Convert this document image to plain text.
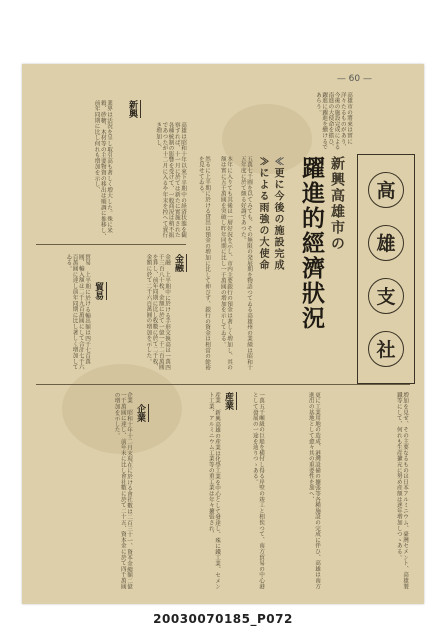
— 60 —
高
雄
支
社
新興高雄市の
躍進的經濟狀況
≪更に今後の施設完成
≫による雨強の大使命
五萬七千圓を以てみても、その無限の発展期を物語つてゐる高雄州の業績は昭和十五年度に於て頗る好調であつた。
本年に入りても其後は一層好況を示し、市内主要銀行の預金は著しく増加し、其の額は實に五千萬圓を突破し昨年同期に比し一千萬圓の増加を示してゐる。
然るに上半期に於ける貸出は預金の増加に比して伸びず、銀行の資金は相當の餘裕を見せてゐる。
新興
高雄は昭和十年以來下半期中の経済状態を観察すれば、十一月に於ては新たに實施された各種統制の影響を受けて、一般商況は稍不振であつたが十二月に入るや年末を控へて賣行き増加し、
業界は活況を呈し取引高も著しく増大した。殊に米穀、砂糖、木材等の主要物資の移出は順調に推移し、前年同期に比し何れも増加を示し、
金融
金融 上半期中に於ける手形交換高は一萬四千三百八十枚、金額に於て一億一千二百萬圓を算し、前年同期に比し枚數に於て二千枚、金額に於て二千六百萬圓の増加を示した。
貿易
貿易 上半期に於ける輸出額は四千七百萬圓、輸入額は二千九百萬圓にして合計七千六百萬圓に達し前年同期に比し著しく増加してゐる。
産業
産業 新興高雄の産業は化學工業を中心として發達し、殊に鐵工業、セメント工業、アルミニウム工業等の重工業は年々擴張され、
企業
企業 昭和十年十二月末現在に於ける會社數は二百三十一、資本金總額二億一千萬圓に達し、前年末に比し會社數に於て二十五、資本金に於て四千萬圓の増加を示した。	増加を見せ、その主要なるものは日本アルミニウム、臺灣セメント、高雄製鐵等にして、何れも生産擴充に努め産額は逐年増加しつゝある。
更に工業用地の造成、港灣設備の擴張等各種施設の完成に伴ひ、高雄は南方進出の基地として愈々其の重要性を加へ、
一萬五千噸級の巨船を横付し得る岸壁の竣工と相俟つて、南方貿易の中心港として發展の一途を辿りつゝある。
高雄市の將來は實に洋々たるものがあり、今後の施設完成による南進の大使命を擔ひ、躍進に躍進を續けるであらう。
20030070185_P072
